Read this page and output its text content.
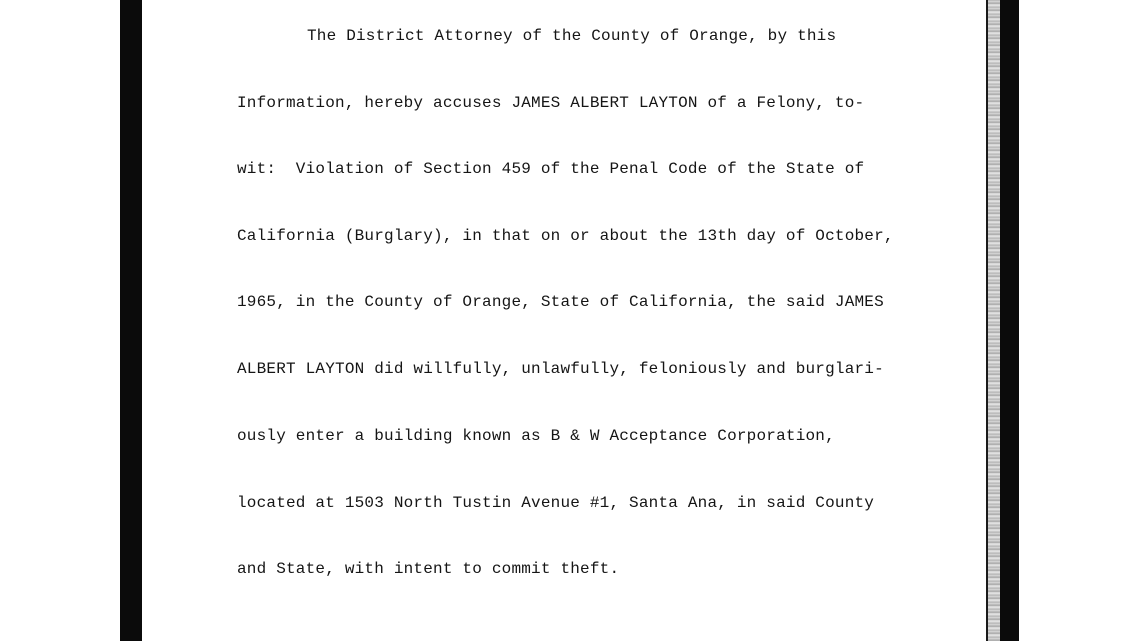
The District Attorney of the County of Orange, by this
Information, hereby accuses JAMES ALBERT LAYTON of a Felony, to-
wit:  Violation of Section 459 of the Penal Code of the State of
California (Burglary), in that on or about the 13th day of October,
1965, in the County of Orange, State of California, the said JAMES
ALBERT LAYTON did willfully, unlawfully, feloniously and burglari-
ously enter a building known as B & W Acceptance Corporation,
located at 1503 North Tustin Avenue #1, Santa Ana, in said County
and State, with intent to commit theft.
